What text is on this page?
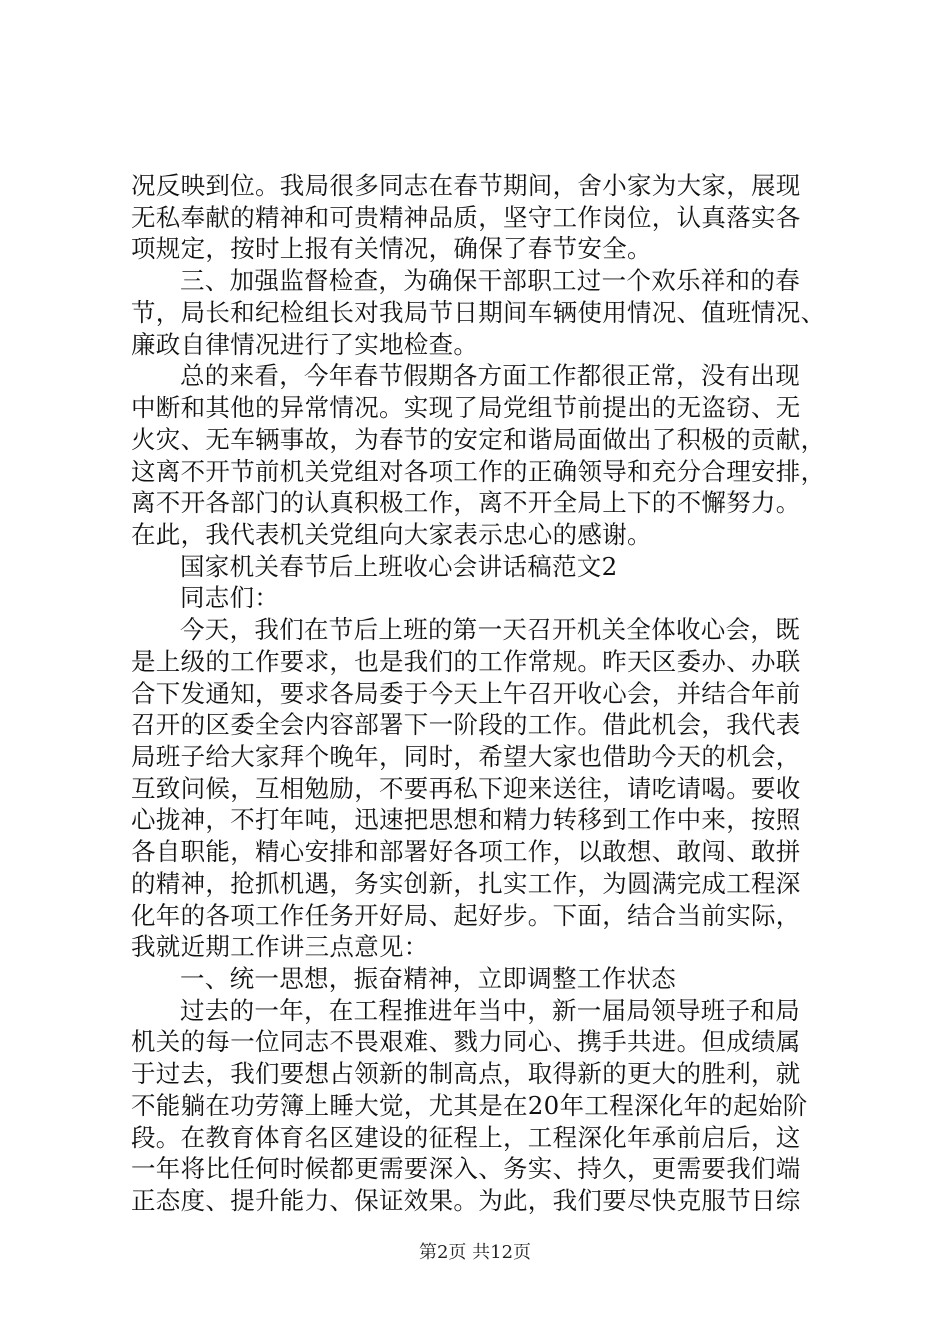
况反映到位。我局很多同志在春节期间，舍小家为大家，展现
无私奉献的精神和可贵精神品质，坚守工作岗位，认真落实各
项规定，按时上报有关情况，确保了春节安全。
三、加强监督检查，为确保干部职工过一个欢乐祥和的春
节，局长和纪检组长对我局节日期间车辆使用情况、值班情况、
廉政自律情况进行了实地检查。
总的来看，今年春节假期各方面工作都很正常，没有出现
中断和其他的异常情况。实现了局党组节前提出的无盗窃、无
火灾、无车辆事故，为春节的安定和谐局面做出了积极的贡献，
这离不开节前机关党组对各项工作的正确领导和充分合理安排，
离不开各部门的认真积极工作，离不开全局上下的不懈努力。
在此，我代表机关党组向大家表示忠心的感谢。
国家机关春节后上班收心会讲话稿范文2
同志们：
今天，我们在节后上班的第一天召开机关全体收心会，既
是上级的工作要求，也是我们的工作常规。昨天区委办、办联
合下发通知，要求各局委于今天上午召开收心会，并结合年前
召开的区委全会内容部署下一阶段的工作。借此机会，我代表
局班子给大家拜个晚年，同时，希望大家也借助今天的机会，
互致问候，互相勉励，不要再私下迎来送往，请吃请喝。要收
心拢神，不打年吨，迅速把思想和精力转移到工作中来，按照
各自职能，精心安排和部署好各项工作，以敢想、敢闯、敢拼
的精神，抢抓机遇，务实创新，扎实工作，为圆满完成工程深
化年的各项工作任务开好局、起好步。下面，结合当前实际，
我就近期工作讲三点意见：
一、统一思想，振奋精神，立即调整工作状态
过去的一年，在工程推进年当中，新一届局领导班子和局
机关的每一位同志不畏艰难、戮力同心、携手共进。但成绩属
于过去，我们要想占领新的制高点，取得新的更大的胜利，就
不能躺在功劳簿上睡大觉，尤其是在20年工程深化年的起始阶
段。在教育体育名区建设的征程上，工程深化年承前启后，这
一年将比任何时候都更需要深入、务实、持久，更需要我们端
正态度、提升能力、保证效果。为此，我们要尽快克服节日综
第2页 共12页
